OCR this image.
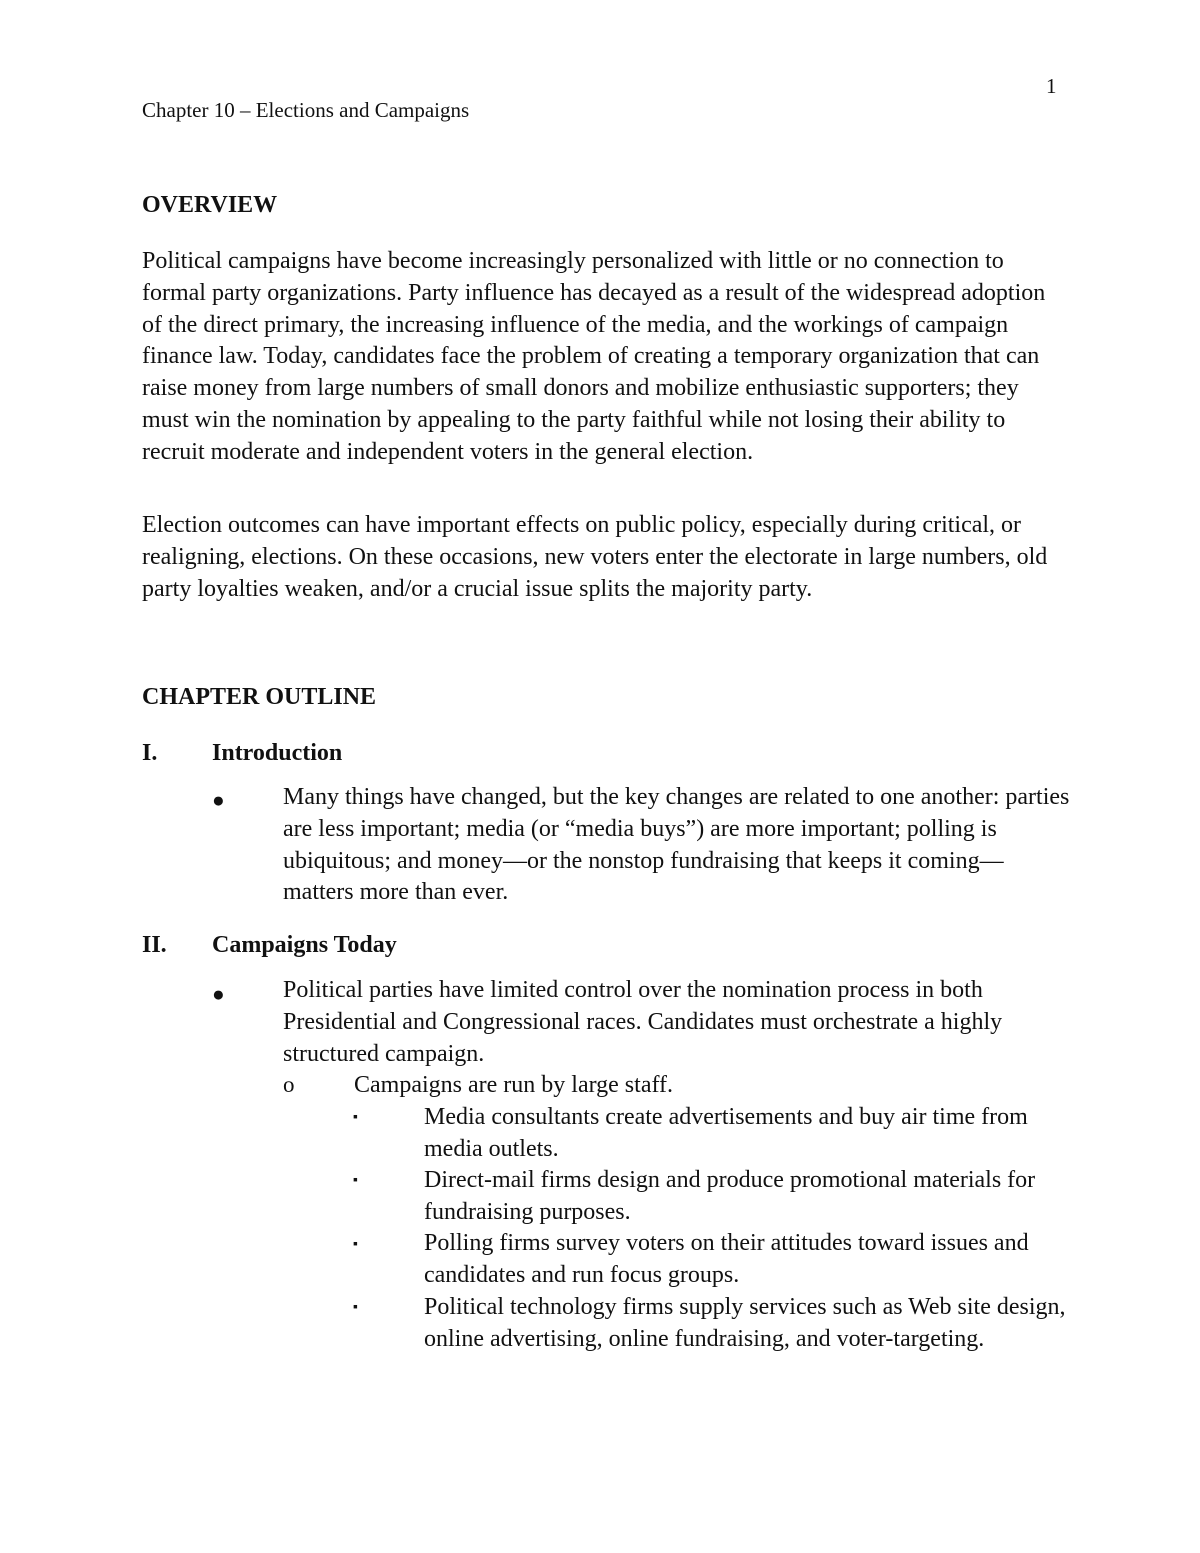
1
Chapter 10 – Elections and Campaigns
OVERVIEW

Political campaigns have become increasingly personalized with little or no connection to formal party organizations. Party influence has decayed as a result of the widespread adoption of the direct primary, the increasing influence of the media, and the workings of campaign finance law. Today, candidates face the problem of creating a temporary organization that can raise money from large numbers of small donors and mobilize enthusiastic supporters; they must win the nomination by appealing to the party faithful while not losing their ability to recruit moderate and independent voters in the general election.

Election outcomes can have important effects on public policy, especially during critical, or realigning, elections. On these occasions, new voters enter the electorate in large numbers, old party loyalties weaken, and/or a crucial issue splits the majority party.

CHAPTER OUTLINE
I. Introduction
● Many things have changed, but the key changes are related to one another: parties are less important; media (or “media buys”) are more important; polling is ubiquitous; and money—or the nonstop fundraising that keeps it coming—matters more than ever.

II. Campaigns Today
● Political parties have limited control over the nomination process in both Presidential and Congressional races. Candidates must orchestrate a highly structured campaign.

o Campaigns are run by large staff.

▪	Media consultants create advertisements and buy air time from media outlets.

▪	Direct-mail firms design and produce promotional materials for fundraising purposes.

▪	Polling firms survey voters on their attitudes toward issues and candidates and run focus groups.

▪	Political technology firms supply services such as Web site design, online advertising, online fundraising, and voter-targeting.
